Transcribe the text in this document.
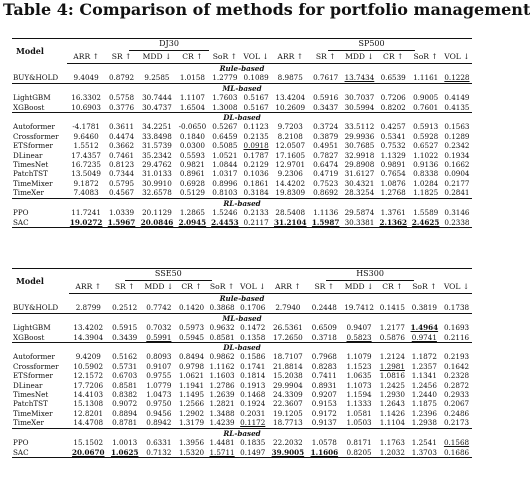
Table 4: Comparison of methods for portfolio management
Model	DJ30						SP500					
	ARR ↑	SR ↑	MDD ↓	CR ↑	SoR ↑	VOL ↓	ARR ↑	SR ↑	MDD ↓	CR ↑	SoR ↑	VOL ↓
Rule-based												
BUY&HOLD	9.4049	0.8792	9.2585	1.0158	1.2779	0.1089	8.9875	0.7617	13.7434	0.6539	1.1161	0.1228
ML-based												
LightGBM	16.3302	0.5758	30.7444	1.1107	1.7603	0.5167	13.4204	0.5916	30.7037	0.7206	0.9005	0.4149
XGBoost	10.6903	0.3776	30.4737	1.6504	1.3008	0.5167	10.2609	0.3437	30.5994	0.8202	0.7601	0.4135
DL-based												
Autoformer	-4.1781	0.3611	34.2251	-0.0650	0.5267	0.1123	9.7203	0.3724	33.5112	0.4257	0.5913	0.1563
Crossformer	9.6460	0.4474	33.8498	0.1840	0.6459	0.2135	8.2108	0.3879	29.9936	0.5341	0.5928	0.1289
ETSformer	1.5512	0.3662	31.5739	0.0300	0.5085	0.0918	12.0507	0.4951	30.7685	0.7532	0.6527	0.2342
DLinear	17.4357	0.7461	35.2342	0.5593	1.0521	0.1787	17.1605	0.7827	32.9918	1.1329	1.1022	0.1934
TimesNet	16.7235	0.8123	29.4762	0.9821	1.0844	0.2129	12.9701	0.6474	29.8908	0.9891	0.9136	0.1662
PatchTST	13.5049	0.7344	31.0133	0.8961	1.0317	0.1036	9.2306	0.4719	31.6127	0.7654	0.8338	0.0904
TimeMixer	9.1872	0.5795	30.9910	0.6928	0.8996	0.1861	14.4202	0.7523	30.4321	1.0876	1.0284	0.2177
TimeXer	7.4083	0.4567	32.6578	0.5129	0.8103	0.3184	19.8309	0.8692	28.3254	1.2768	1.1825	0.2841
RL-based												
PPO	11.7241	1.0339	20.1129	1.2865	1.5246	0.2133	28.5408	1.1136	29.5874	1.3761	1.5589	0.3146
SAC	19.0272	1.5967	20.0846	2.0945	2.4453	0.2117	31.2104	1.5987	30.3381	2.1362	2.4625	0.2338
Model	SSE50						HS300					
	ARR ↑	SR ↑	MDD ↓	CR ↑	SoR ↑	VOL ↓	ARR ↑	SR ↑	MDD ↓	CR ↑	SoR ↑	VOL ↓
Rule-based												
BUY&HOLD	2.8799	0.2512	0.7742	0.1420	0.3868	0.1706	2.7940	0.2448	19.7412	0.1415	0.3819	0.1738
ML-based												
LightGBM	13.4202	0.5915	0.7032	0.5973	0.9632	0.1472	26.5361	0.6509	0.9407	1.2177	1.4964	0.1693
XGBoost	14.3904	0.3439	0.5991	0.5945	0.8581	0.1358	17.2650	0.3718	0.5823	0.5876	0.9741	0.2116
DL-based												
Autoformer	9.4209	0.5162	0.8093	0.8494	0.9862	0.1586	18.7107	0.7968	1.1079	1.2124	1.1872	0.2193
Crossformer	10.5902	0.5731	0.9107	0.9798	1.1162	0.1741	21.8814	0.8283	1.1523	1.2981	1.2357	0.1642
ETSformer	12.1572	0.6703	0.9755	1.0621	1.1603	0.1814	15.2038	0.7411	1.0635	1.0816	1.1341	0.2328
DLinear	17.7206	0.8581	1.0779	1.1941	1.2786	0.1913	29.9904	0.8931	1.1073	1.2425	1.2456	0.2872
TimesNet	14.4103	0.8382	1.0473	1.1495	1.2639	0.1468	24.3309	0.9207	1.1594	1.2930	1.2440	0.2933
PatchTST	15.1308	0.9072	0.9750	1.2566	1.2821	0.1924	22.3607	0.9153	1.1333	1.2643	1.1875	0.2067
TimeMixer	12.8201	0.8894	0.9456	1.2902	1.3488	0.2031	19.1205	0.9172	1.0581	1.1426	1.2396	0.2486
TimeXer	14.4708	0.8781	0.8942	1.3179	1.4239	0.1172	18.7713	0.9137	1.0503	1.1104	1.2938	0.2173
RL-based												
PPO	15.1502	1.0013	0.6331	1.3956	1.4481	0.1835	22.2032	1.0578	0.8171	1.1763	1.2541	0.1568
SAC	20.0670	1.0625	0.7132	1.5320	1.5711	0.1497	39.9005	1.1606	0.8205	1.2032	1.3703	0.1686
